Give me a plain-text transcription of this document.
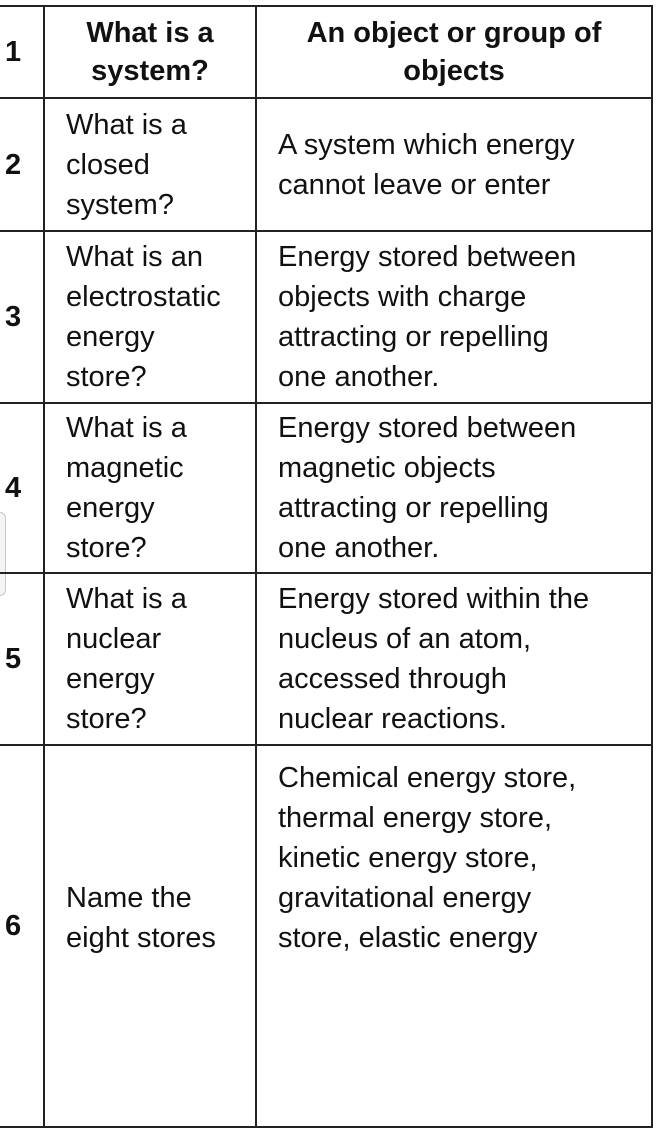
1	What is a
system?	An object or group of
objects

2	What is a
closed
system?	A system which energy
cannot leave or enter

3	What is an
electrostatic
energy
store?	Energy stored between
objects with charge
attracting or repelling
one another.

4	What is a
magnetic
energy
store?	Energy stored between
magnetic objects
attracting or repelling
one another.

5	What is a
nuclear
energy
store?	Energy stored within the
nucleus of an atom,
accessed through
nuclear reactions.

6	Name the
eight stores	Chemical energy store,
thermal energy store,
kinetic energy store,
gravitational energy
store, elastic energy
